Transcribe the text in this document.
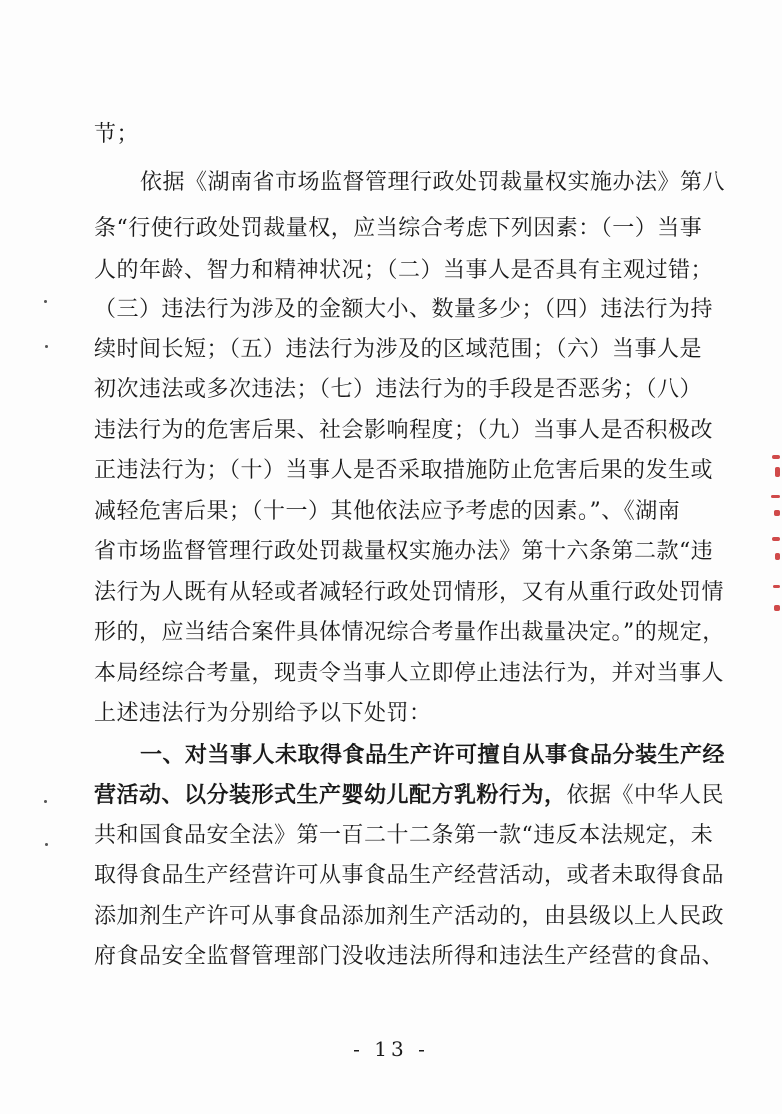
节；
依据《湖南省市场监督管理行政处罚裁量权实施办法》第八
条“行使行政处罚裁量权，应当综合考虑下列因素：（一）当事
人的年龄、智力和精神状况；（二）当事人是否具有主观过错；
（三）违法行为涉及的金额大小、数量多少；（四）违法行为持
续时间长短；（五）违法行为涉及的区域范围；（六）当事人是
初次违法或多次违法；（七）违法行为的手段是否恶劣；（八）
违法行为的危害后果、社会影响程度；（九）当事人是否积极改
正违法行为；（十）当事人是否采取措施防止危害后果的发生或
减轻危害后果；（十一）其他依法应予考虑的因素。”、《湖南
省市场监督管理行政处罚裁量权实施办法》第十六条第二款“违
法行为人既有从轻或者减轻行政处罚情形，又有从重行政处罚情
形的，应当结合案件具体情况综合考量作出裁量决定。”的规定，
本局经综合考量，现责令当事人立即停止违法行为，并对当事人
上述违法行为分别给予以下处罚：
一、对当事人未取得食品生产许可擅自从事食品分装生产经
营活动、以分装形式生产婴幼儿配方乳粉行为，依据《中华人民
共和国食品安全法》第一百二十二条第一款“违反本法规定，未
取得食品生产经营许可从事食品生产经营活动，或者未取得食品
添加剂生产许可从事食品添加剂生产活动的，由县级以上人民政
府食品安全监督管理部门没收违法所得和违法生产经营的食品、
- 13 -
